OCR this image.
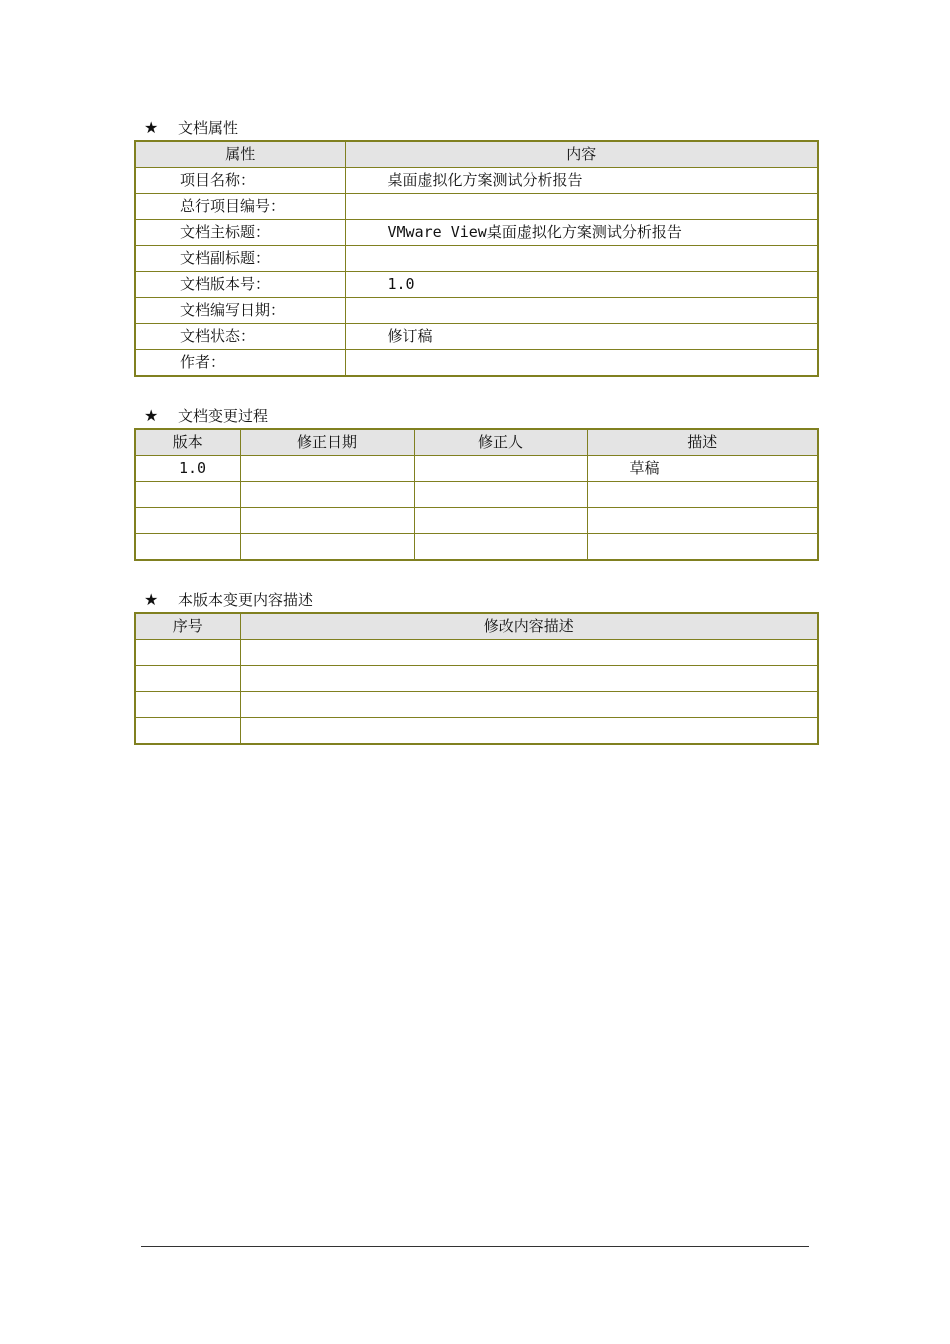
★ 文档属性
属性	内容
项目名称：	桌面虚拟化方案测试分析报告
总行项目编号：	
文档主标题：	VMware View桌面虚拟化方案测试分析报告
文档副标题：	
文档版本号：	1.0
文档编写日期：	
文档状态：	修订稿
作者：	
★ 文档变更过程
版本	修正日期	修正人	描述
1.0			草稿

★ 本版本变更内容描述
序号	修改内容描述
